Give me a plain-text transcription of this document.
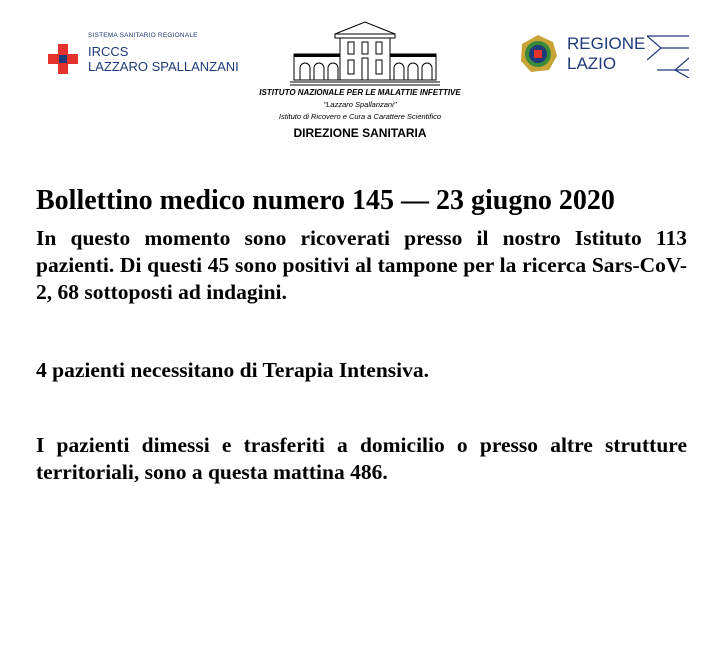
SISTEMA SANITARIO REGIONALE
IRCCS
LAZZARO SPALLANZANI
ISTITUTO NAZIONALE PER LE MALATTIE INFETTIVE
"Lazzaro Spallanzani"
Istituto di Ricovero e Cura a Carattere Scientifico
DIREZIONE SANITARIA
REGIONE
LAZIO
Bollettino medico numero 145 — 23 giugno 2020
In questo momento sono ricoverati presso il nostro Istituto 113 pazienti. Di questi 45 sono positivi al tampone per la ricerca Sars-CoV-2, 68 sottoposti ad indagini.
4 pazienti necessitano di Terapia Intensiva.
I pazienti dimessi e trasferiti a domicilio o presso altre strutture territoriali, sono a questa mattina 486.
